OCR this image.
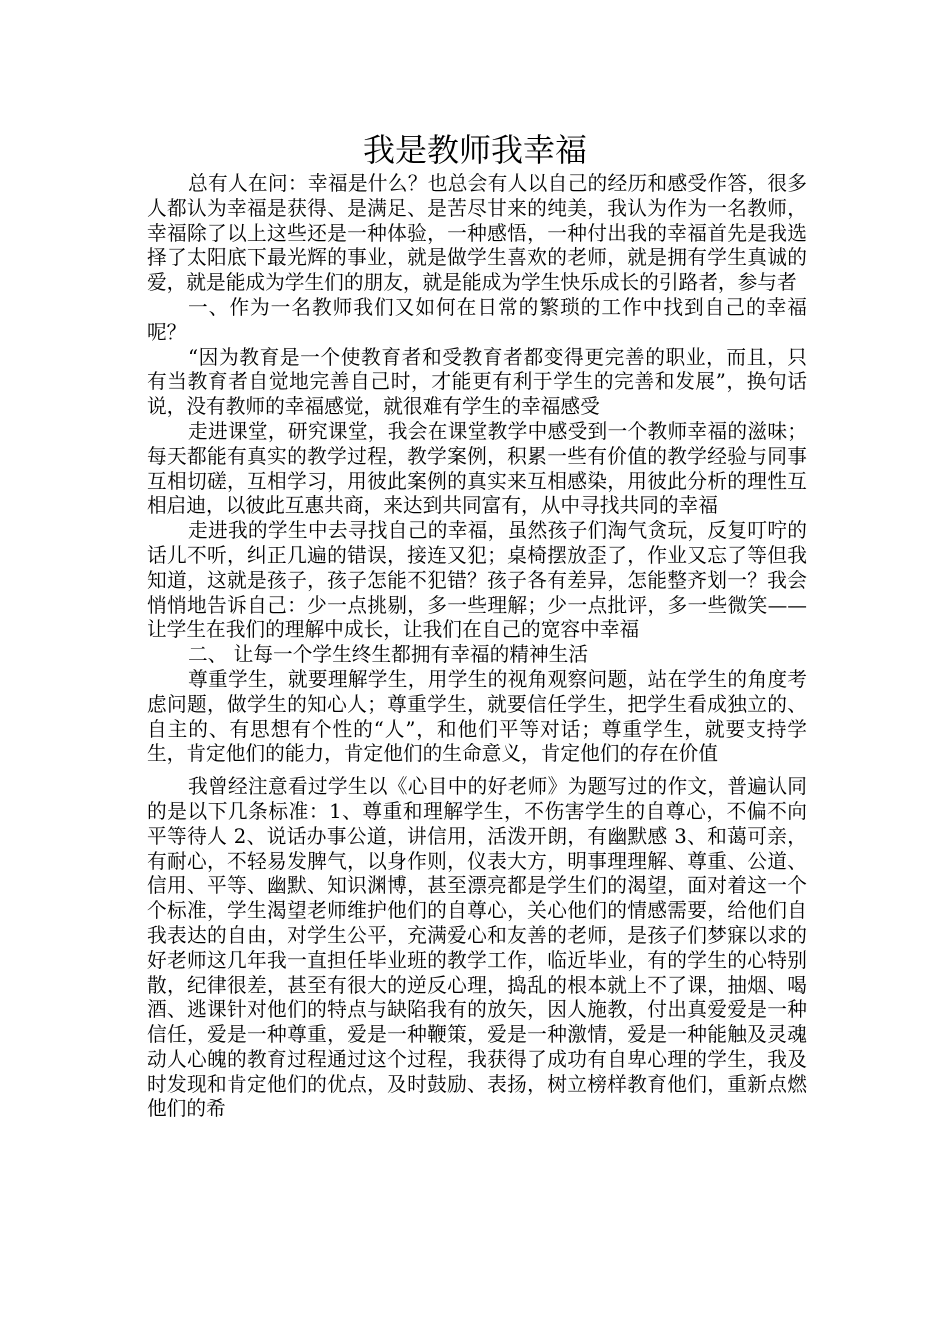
我是教师我幸福

总有人在问：幸福是什么？也总会有人以自己的经历和感受作答，很多人都认为幸福是获得、是满足、是苦尽甘来的纯美，我认为作为一名教师，幸福除了以上这些还是一种体验，一种感悟，一种付出我的幸福首先是我选择了太阳底下最光辉的事业，就是做学生喜欢的老师，就是拥有学生真诚的爱，就是能成为学生们的朋友，就是能成为学生快乐成长的引路者，参与者

一、作为一名教师我们又如何在日常的繁琐的工作中找到自己的幸福呢？

“因为教育是一个使教育者和受教育者都变得更完善的职业，而且，只有当教育者自觉地完善自己时，才能更有利于学生的完善和发展”，换句话说，没有教师的幸福感觉，就很难有学生的幸福感受

走进课堂，研究课堂，我会在课堂教学中感受到一个教师幸福的滋味；每天都能有真实的教学过程，教学案例，积累一些有价值的教学经验与同事互相切磋，互相学习，用彼此案例的真实来互相感染，用彼此分析的理性互相启迪，以彼此互惠共商，来达到共同富有，从中寻找共同的幸福

走进我的学生中去寻找自己的幸福，虽然孩子们淘气贪玩，反复叮咛的话儿不听，纠正几遍的错误，接连又犯；桌椅摆放歪了，作业又忘了等但我知道，这就是孩子，孩子怎能不犯错？孩子各有差异，怎能整齐划一？我会悄悄地告诉自己：少一点挑剔，多一些理解；少一点批评，多一些微笑——让学生在我们的理解中成长，让我们在自己的宽容中幸福

二、 让每一个学生终生都拥有幸福的精神生活

尊重学生，就要理解学生，用学生的视角观察问题，站在学生的角度考虑问题，做学生的知心人；尊重学生，就要信任学生，把学生看成独立的、自主的、有思想有个性的“人”，和他们平等对话；尊重学生，就要支持学生，肯定他们的能力，肯定他们的生命意义，肯定他们的存在价值

我曾经注意看过学生以《心目中的好老师》为题写过的作文，普遍认同的是以下几条标准：1、尊重和理解学生，不伤害学生的自尊心，不偏不向平等待人 2、说话办事公道，讲信用，活泼开朗，有幽默感 3、和蔼可亲，有耐心，不轻易发脾气，以身作则，仪表大方，明事理理解、尊重、公道、信用、平等、幽默、知识渊博，甚至漂亮都是学生们的渴望，面对着这一个个标准，学生渴望老师维护他们的自尊心，关心他们的情感需要，给他们自我表达的自由，对学生公平，充满爱心和友善的老师，是孩子们梦寐以求的好老师这几年我一直担任毕业班的教学工作，临近毕业，有的学生的心特别散，纪律很差，甚至有很大的逆反心理，捣乱的根本就上不了课，抽烟、喝酒、逃课针对他们的特点与缺陷我有的放矢，因人施教，付出真爱爱是一种信任，爱是一种尊重，爱是一种鞭策，爱是一种激情，爱是一种能触及灵魂动人心魄的教育过程通过这个过程，我获得了成功有自卑心理的学生，我及时发现和肯定他们的优点，及时鼓励、表扬，树立榜样教育他们，重新点燃他们的希
